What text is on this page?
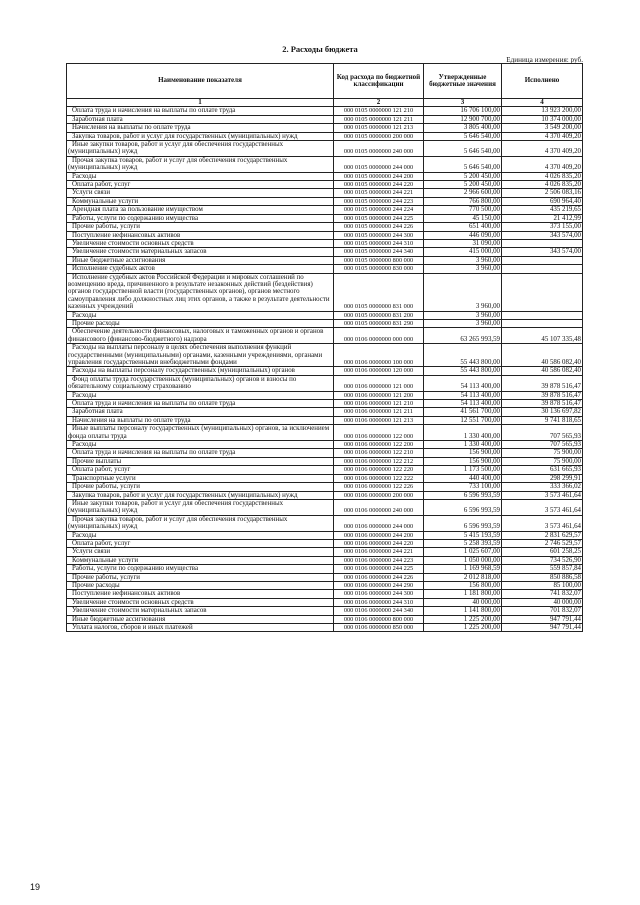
2. Расходы бюджета
Единица измерения: руб.
Наименование показателя	Код расхода по бюджетной классификации	Утвержденные бюджетные значения	Исполнено
1	2	3	4
Оплата труда и начисления на выплаты по оплате труда	000 0105 0000000 121 210	16 706 100,00	13 923 200,00
Заработная плата	000 0105 0000000 121 211	12 900 700,00	10 374 000,00
Начисления на выплаты по оплате труда	000 0105 0000000 121 213	3 805 400,00	3 549 200,00
Закупка товаров, работ и услуг для государственных (муниципальных) нужд	000 0105 0000000 200 000	5 646 540,00	4 370 409,20
Иные закупки товаров, работ и услуг для обеспечения государственных (муниципальных) нужд	000 0105 0000000 240 000	5 646 540,00	4 370 409,20
Прочая закупка товаров, работ и услуг для обеспечения государственных (муниципальных) нужд	000 0105 0000000 244 000	5 646 540,00	4 370 409,20
Расходы	000 0105 0000000 244 200	5 200 450,00	4 026 835,20
Оплата работ, услуг	000 0105 0000000 244 220	5 200 450,00	4 026 835,20
Услуги связи	000 0105 0000000 244 221	2 966 600,00	2 506 083,16
Коммунальные услуги	000 0105 0000000 244 223	766 800,00	690 964,40
Арендная плата за пользование имуществом	000 0105 0000000 244 224	770 500,00	435 219,65
Работы, услуги по содержанию имущества	000 0105 0000000 244 225	45 150,00	21 412,99
Прочие работы, услуги	000 0105 0000000 244 226	651 400,00	373 155,00
Поступление нефинансовых активов	000 0105 0000000 244 300	446 090,00	343 574,00
Увеличение стоимости основных средств	000 0105 0000000 244 310	31 090,00	
Увеличение стоимости материальных запасов	000 0105 0000000 244 340	415 000,00	343 574,00
Иные бюджетные ассигнования	000 0105 0000000 800 000	3 960,00	
Исполнение судебных актов	000 0105 0000000 830 000	3 960,00	
Исполнение судебных актов Российской Федерации и мировых соглашений по возмещению вреда, причиненного в результате незаконных действий (бездействия) органов государственной власти (государственных органов), органов местного самоуправления либо должностных лиц этих органов, а также в результате деятельности казенных учреждений	000 0105 0000000 831 000	3 960,00	
Расходы	000 0105 0000000 831 200	3 960,00	
Прочие расходы	000 0105 0000000 831 290	3 960,00	
Обеспечение деятельности финансовых, налоговых и таможенных органов и органов финансового (финансово-бюджетного) надзора	000 0106 0000000 000 000	63 265 993,59	45 107 335,48
Расходы на выплаты персоналу в целях обеспечения выполнения функций государственными (муниципальными) органами, казенными учреждениями, органами управления государственными внебюджетными фондами	000 0106 0000000 100 000	55 443 800,00	40 586 082,40
Расходы на выплаты персоналу государственных (муниципальных) органов	000 0106 0000000 120 000	55 443 800,00	40 586 082,40
Фонд оплаты труда государственных (муниципальных) органов и взносы по обязательному социальному страхованию	000 0106 0000000 121 000	54 113 400,00	39 878 516,47
Расходы	000 0106 0000000 121 200	54 113 400,00	39 878 516,47
Оплата труда и начисления на выплаты по оплате труда	000 0106 0000000 121 210	54 113 400,00	39 878 516,47
Заработная плата	000 0106 0000000 121 211	41 561 700,00	30 136 697,82
Начисления на выплаты по оплате труда	000 0106 0000000 121 213	12 551 700,00	9 741 818,65
Иные выплаты персоналу государственных (муниципальных) органов, за исключением фонда оплаты труда	000 0106 0000000 122 000	1 330 400,00	707 565,93
Расходы	000 0106 0000000 122 200	1 330 400,00	707 565,93
Оплата труда и начисления на выплаты по оплате труда	000 0106 0000000 122 210	156 900,00	75 900,00
Прочие выплаты	000 0106 0000000 122 212	156 900,00	75 900,00
Оплата работ, услуг	000 0106 0000000 122 220	1 173 500,00	631 665,93
Транспортные услуги	000 0106 0000000 122 222	440 400,00	298 299,91
Прочие работы, услуги	000 0106 0000000 122 226	733 100,00	333 366,02
Закупка товаров, работ и услуг для государственных (муниципальных) нужд	000 0106 0000000 200 000	6 596 993,59	3 573 461,64
Иные закупки товаров, работ и услуг для обеспечения государственных (муниципальных) нужд	000 0106 0000000 240 000	6 596 993,59	3 573 461,64
Прочая закупка товаров, работ и услуг для обеспечения государственных (муниципальных) нужд	000 0106 0000000 244 000	6 596 993,59	3 573 461,64
Расходы	000 0106 0000000 244 200	5 415 193,59	2 831 629,57
Оплата работ, услуг	000 0106 0000000 244 220	5 258 393,59	2 746 529,57
Услуги связи	000 0106 0000000 244 221	1 025 607,00	601 258,25
Коммунальные услуги	000 0106 0000000 244 223	1 050 000,00	734 526,90
Работы, услуги по содержанию имущества	000 0106 0000000 244 225	1 169 968,59	559 857,84
Прочие работы, услуги	000 0106 0000000 244 226	2 012 818,00	850 886,58
Прочие расходы	000 0106 0000000 244 290	156 800,00	85 100,00
Поступление нефинансовых активов	000 0106 0000000 244 300	1 181 800,00	741 832,07
Увеличение стоимости основных средств	000 0106 0000000 244 310	40 000,00	40 000,00
Увеличение стоимости материальных запасов	000 0106 0000000 244 340	1 141 800,00	701 832,07
Иные бюджетные ассигнования	000 0106 0000000 800 000	1 225 200,00	947 791,44
Уплата налогов, сборов и иных платежей	000 0106 0000000 850 000	1 225 200,00	947 791,44
19
